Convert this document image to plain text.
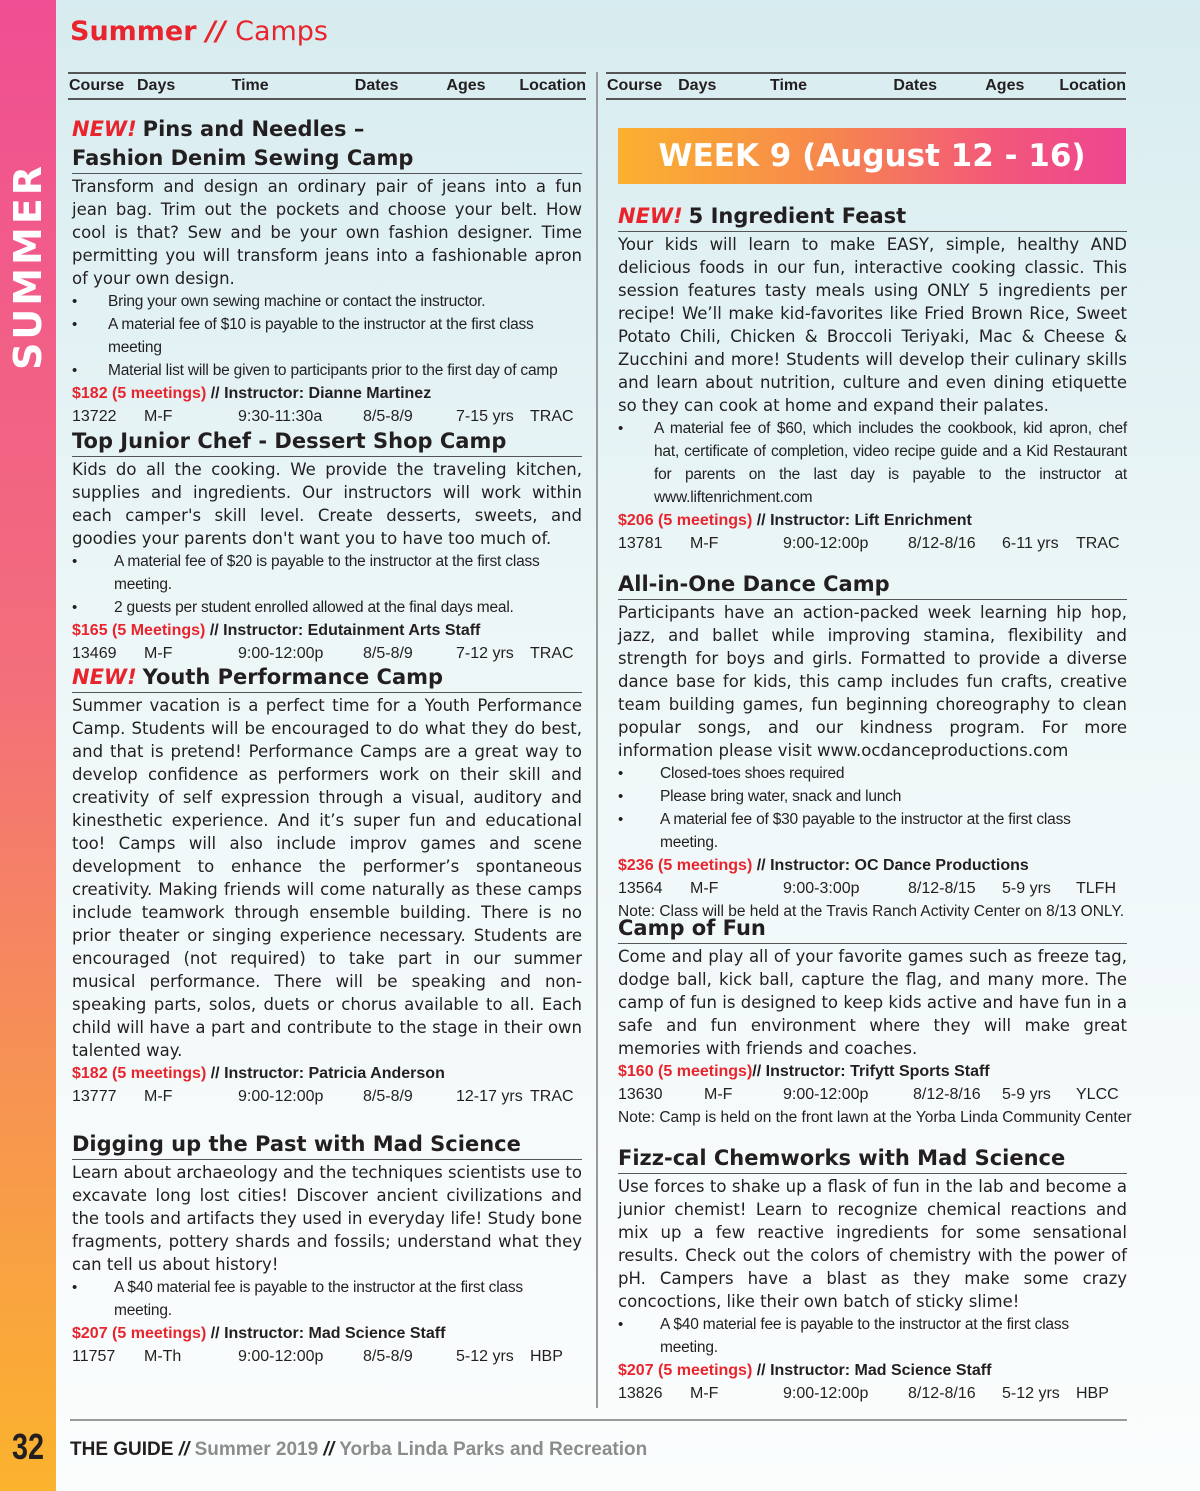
32
Summer // Camps
Course Days	Time	Dates	Ages	Location
NEW! Pins and Needles –
Fashion Denim Sewing Camp
Transform and design an ordinary pair of jeans into a fun jean bag. Trim out the pockets and choose your belt. How cool is that? Sew and be your own fashion designer. Time permitting you will transform jeans into a fashionable apron of your own design.
• Bring your own sewing machine or contact the instructor.
• A material fee of $10 is payable to the instructor at the first class meeting
• Material list will be given to participants prior to the first day of camp
$182 (5 meetings) // Instructor: Dianne Martinez
13722 M-F	9:30-11:30a	8/5-8/9	7-15 yrs TRAC
Top Junior Chef - Dessert Shop Camp
Kids do all the cooking. We provide the traveling kitchen, supplies and ingredients. Our instructors will work within each camper's skill level. Create desserts, sweets, and goodies your parents don't want you to have too much of.
• A material fee of $20 is payable to the instructor at the first class meeting.
• 2 guests per student enrolled allowed at the final days meal.
$165 (5 Meetings) // Instructor: Edutainment Arts Staff
13469 M-F	9:00-12:00p 8/5-8/9	7-12 yrs TRAC
NEW! Youth Performance Camp
Summer vacation is a perfect time for a Youth Performance Camp. Students will be encouraged to do what they do best, and that is pretend! Performance Camps are a great way to develop confidence as performers work on their skill and creativity of self expression through a visual, auditory and kinesthetic experience. And it’s super fun and educational too! Camps will also include improv games and scene development to enhance the performer’s spontaneous creativity. Making friends will come naturally as these camps include teamwork through ensemble building. There is no prior theater or singing experience necessary. Students are encouraged (not required) to take part in our summer musical performance. There will be speaking and non-speaking parts, solos, duets or chorus available to all. Each child will have a part and contribute to the stage in their own talented way.
$182 (5 meetings) // Instructor: Patricia Anderson
13777 M-F	9:00-12:00p 8/5-8/9	12-17 yrs TRAC
Digging up the Past with Mad Science
Learn about archaeology and the techniques scientists use to excavate long lost cities! Discover ancient civilizations and the tools and artifacts they used in everyday life! Study bone fragments, pottery shards and fossils; understand what they can tell us about history!
• A $40 material fee is payable to the instructor at the first class meeting.
$207 (5 meetings) // Instructor: Mad Science Staff
11757 M-Th	9:00-12:00p 8/5-8/9	5-12 yrs HBP
Course Days	Time	Dates	Ages	Location
WEEK 9 (August 12 - 16)
NEW! 5 Ingredient Feast
Your kids will learn to make EASY, simple, healthy AND delicious foods in our fun, interactive cooking classic. This session features tasty meals using ONLY 5 ingredients per recipe! We’ll make kid-favorites like Fried Brown Rice, Sweet Potato Chili, Chicken & Broccoli Teriyaki, Mac & Cheese & Zucchini and more! Students will develop their culinary skills and learn about nutrition, culture and even dining etiquette so they can cook at home and expand their palates.
• A material fee of $60, which includes the cookbook, kid apron, chef hat, certificate of completion, video recipe guide and a Kid Restaurant for parents on the last day is payable to the instructor at www.liftenrichment.com
$206 (5 meetings) // Instructor: Lift Enrichment
13781 M-F	9:00-12:00p 8/12-8/16 6-11 yrs TRAC
All-in-One Dance Camp
Participants have an action-packed week learning hip hop, jazz, and ballet while improving stamina, flexibility and strength for boys and girls. Formatted to provide a diverse dance base for kids, this camp includes fun crafts, creative team building games, fun beginning choreography to clean popular songs, and our kindness program. For more information please visit www.ocdanceproductions.com
• Closed-toes shoes required
• Please bring water, snack and lunch
• A material fee of $30 payable to the instructor at the first class meeting.
$236 (5 meetings) // Instructor: OC Dance Productions
13564 M-F	9:00-3:00p	8/12-8/15 5-9 yrs TLFH
Note: Class will be held at the Travis Ranch Activity Center on 8/13 ONLY.
Camp of Fun
Come and play all of your favorite games such as freeze tag, dodge ball, kick ball, capture the flag, and many more. The camp of fun is designed to keep kids active and have fun in a safe and fun environment where they will make great memories with friends and coaches.
$160 (5 meetings)// Instructor: Trifytt Sports Staff
13630	M-F	9:00-12:00p	8/12-8/16 5-9 yrs YLCC
Note: Camp is held on the front lawn at the Yorba Linda Community Center
Fizz-cal Chemworks with Mad Science
Use forces to shake up a flask of fun in the lab and become a junior chemist! Learn to recognize chemical reactions and mix up a few reactive ingredients for some sensational results. Check out the colors of chemistry with the power of pH. Campers have a blast as they make some crazy concoctions, like their own batch of sticky slime!
• A $40 material fee is payable to the instructor at the first class meeting.
$207 (5 meetings) // Instructor: Mad Science Staff
13826 M-F	9:00-12:00p 8/12-8/16 5-12 yrs HBP
THE GUIDE // Summer 2019 // Yorba Linda Parks and Recreation
